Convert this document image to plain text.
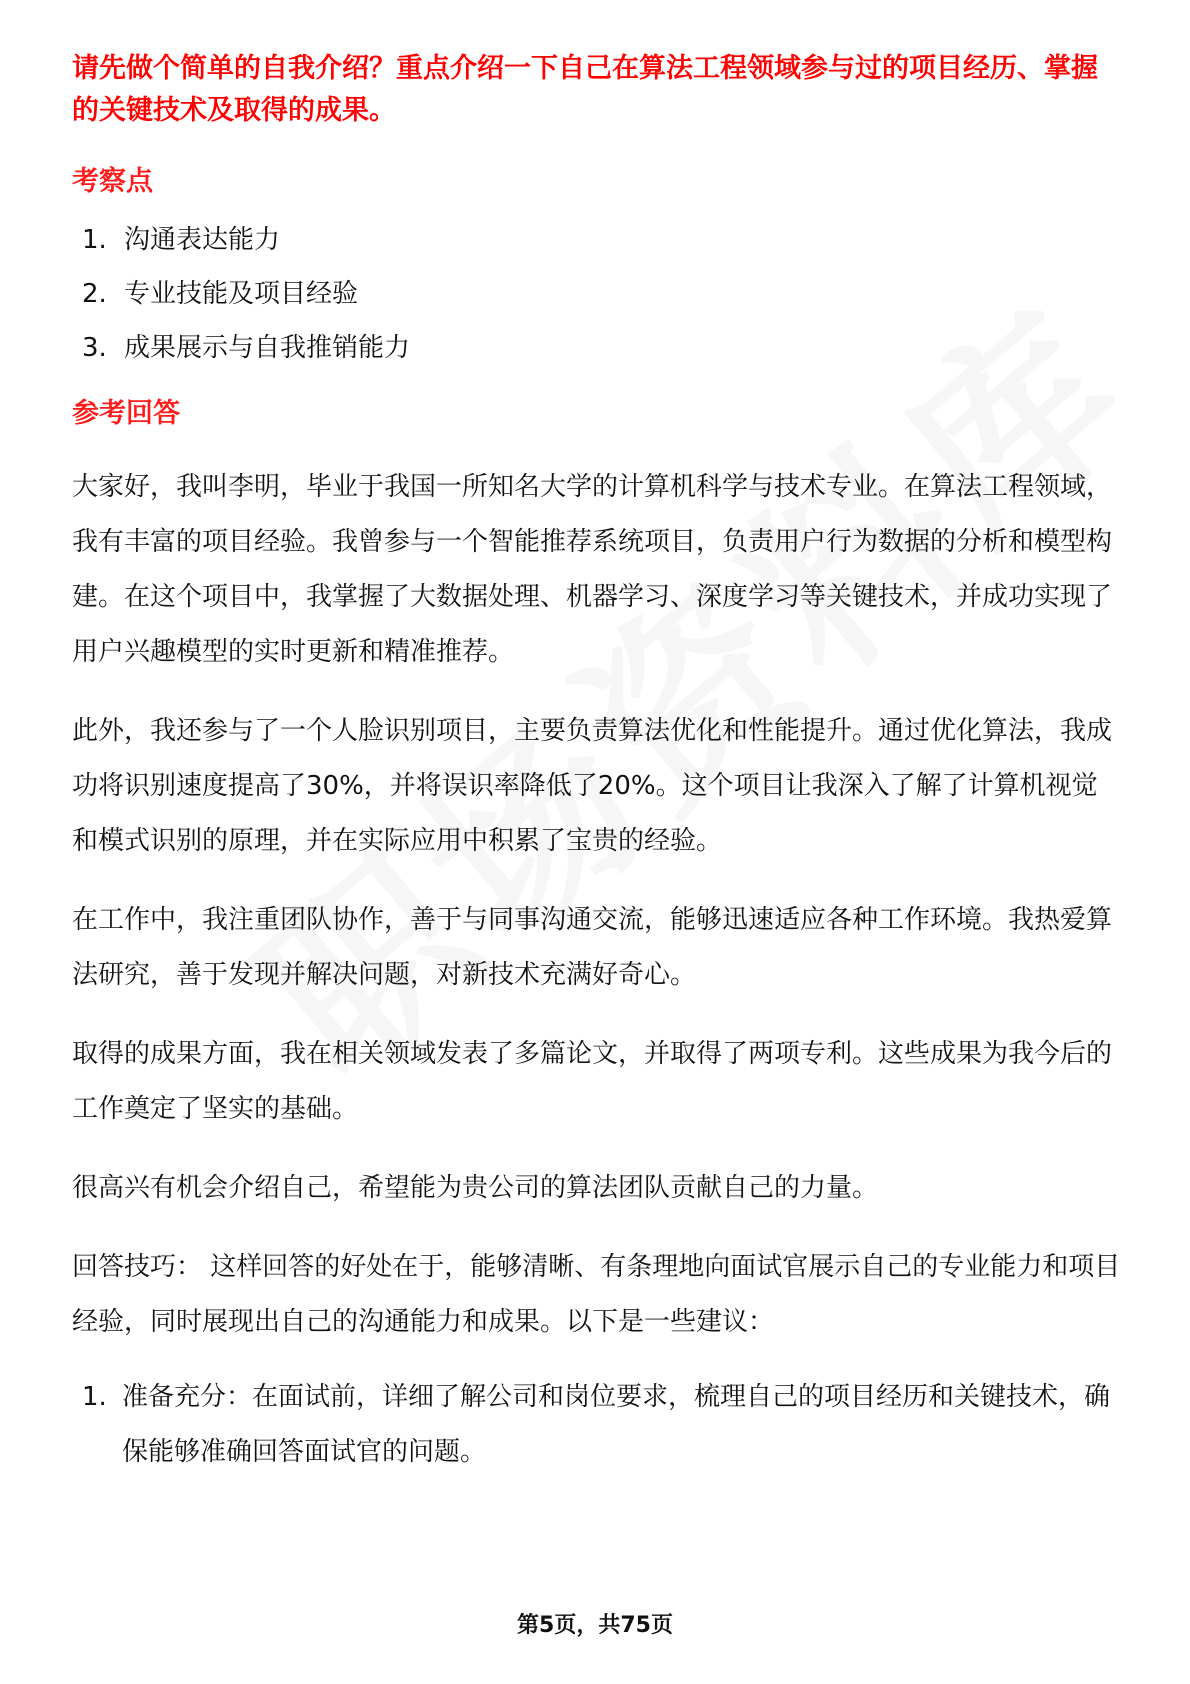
请先做个简单的自我介绍？重点介绍一下自己在算法工程领域参与过的项目经历、掌握的关键技术及取得的成果。

考察点

1. 沟通表达能力
2. 专业技能及项目经验
3. 成果展示与自我推销能力

参考回答

大家好，我叫李明，毕业于我国一所知名大学的计算机科学与技术专业。在算法工程领域，我有丰富的项目经验。我曾参与一个智能推荐系统项目，负责用户行为数据的分析和模型构建。在这个项目中，我掌握了大数据处理、机器学习、深度学习等关键技术，并成功实现了用户兴趣模型的实时更新和精准推荐。

此外，我还参与了一个人脸识别项目，主要负责算法优化和性能提升。通过优化算法，我成功将识别速度提高了30%，并将误识率降低了20%。这个项目让我深入了解了计算机视觉和模式识别的原理，并在实际应用中积累了宝贵的经验。

在工作中，我注重团队协作，善于与同事沟通交流，能够迅速适应各种工作环境。我热爱算法研究，善于发现并解决问题，对新技术充满好奇心。

取得的成果方面，我在相关领域发表了多篇论文，并取得了两项专利。这些成果为我今后的工作奠定了坚实的基础。

很高兴有机会介绍自己，希望能为贵公司的算法团队贡献自己的力量。

回答技巧： 这样回答的好处在于，能够清晰、有条理地向面试官展示自己的专业能力和项目经验，同时展现出自己的沟通能力和成果。以下是一些建议：

1. 准备充分：在面试前，详细了解公司和岗位要求，梳理自己的项目经历和关键技术，确保能够准确回答面试官的问题。
第5页，共75页
